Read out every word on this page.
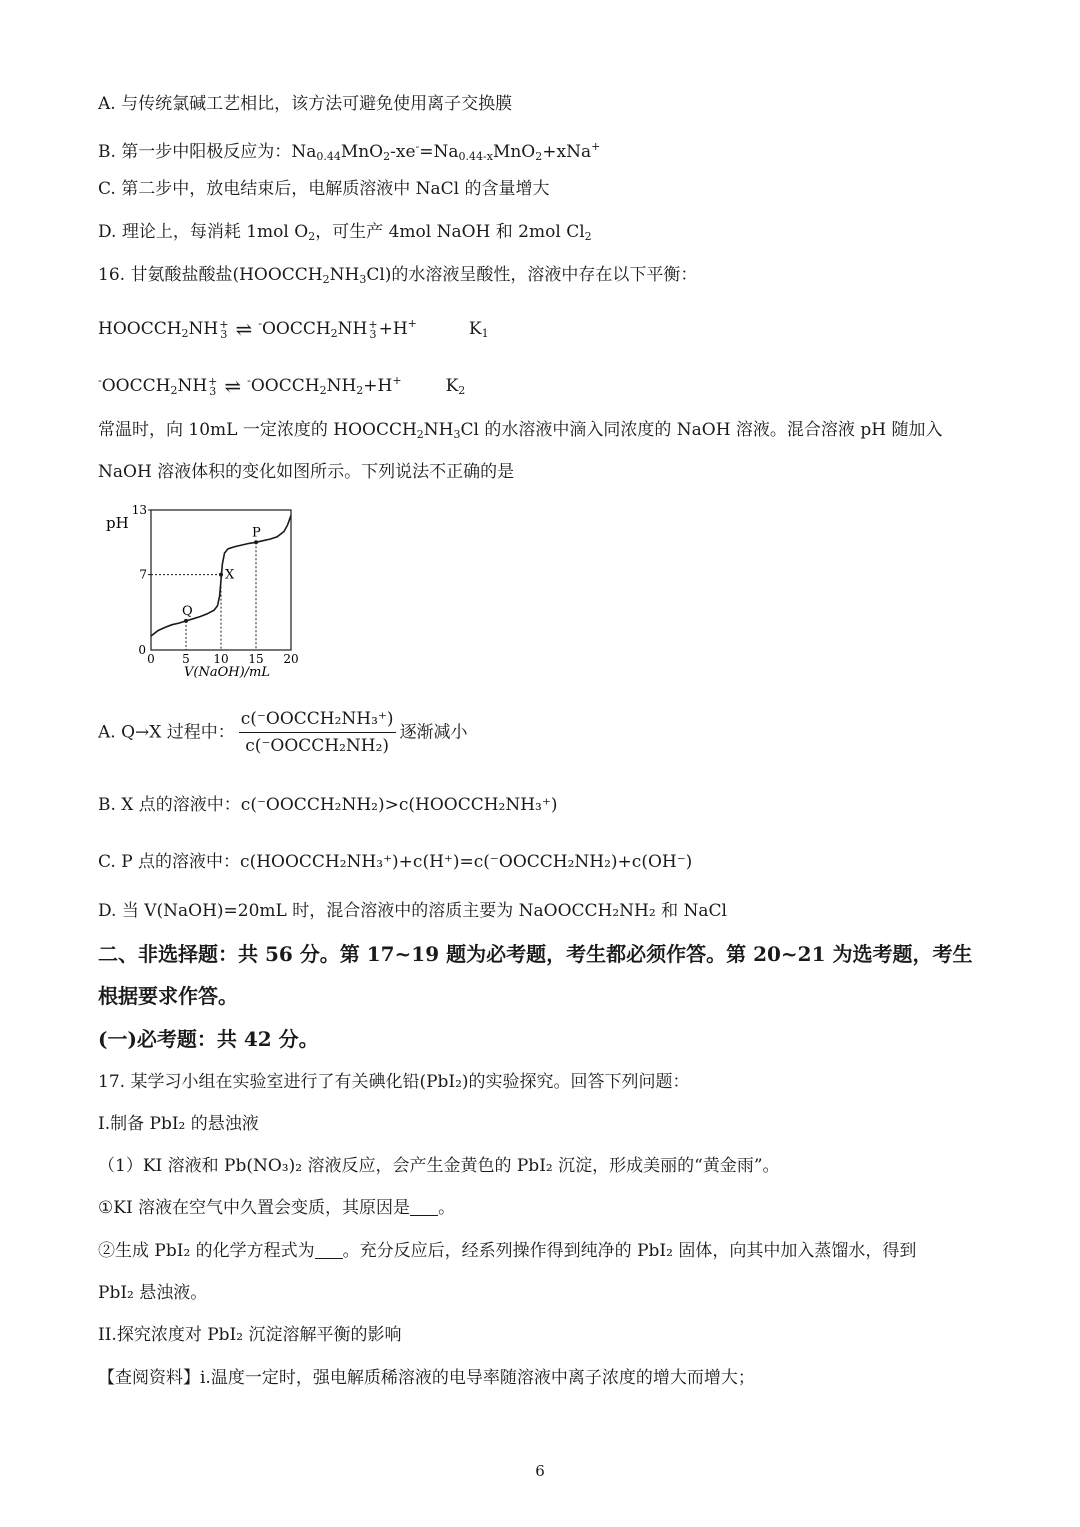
A. 与传统氯碱工艺相比，该方法可避免使用离子交换膜
B. 第一步中阳极反应为：$Na_{0.44}MnO_2-xe^-=Na_{0.44-x}MnO_2+xNa^+$
C. 第二步中，放电结束后，电解质溶液中 NaCl 的含量增大
D. 理论上，每消耗 1mol $O_2$，可生产 4mol NaOH 和 2mol $Cl_2$
16. 甘氨酸盐酸盐$(HOOCCH_2NH_3Cl)$的水溶液呈酸性，溶液中存在以下平衡：
$HOOCCH_2NH$ +
3 ⇌ $^-OOCCH_2NH$ +
3 +H+	$K_1$
$^-OOCCH_2NH$ +
3 ⇌ $^-OOCCH_2NH_2+H^+$	$K_2$
常温时，向 10mL 一定浓度的 $HOOCCH_2NH_3Cl$ 的水溶液中滴入同浓度的 NaOH 溶液。混合溶液 pH 随加入
NaOH 溶液体积的变化如图所示。下列说法不正确的是
pH
Q
X
P
0 5 10 15 20
7
13
0
V(NaOH)/mL
A. Q→X 过程中： $\frac{\text{c(⁻OOCCH₂NH₃⁺)}}{\text{c(⁻OOCCH₂NH₂)}}$ 逐渐减小
B. X 点的溶液中：c(⁻OOCCH₂NH₂)>c(HOOCCH₂NH₃⁺)
C. P 点的溶液中：c(HOOCCH₂NH₃⁺)+c(H⁺)=c(⁻OOCCH₂NH₂)+c(OH⁻)
D. 当 V(NaOH)=20mL 时，混合溶液中的溶质主要为 NaOOCCH₂NH₂ 和 NaCl
二、非选择题：共 56 分。第 17~19 题为必考题，考生都必须作答。第 20~21 为选考题，考生
根据要求作答。
(一)必考题：共 42 分。
17. 某学习小组在实验室进行了有关碘化铅(PbI₂)的实验探究。回答下列问题：
I.制备 PbI₂ 的悬浊液
（1）KI 溶液和 Pb(NO₃)₂ 溶液反应，会产生金黄色的 PbI₂ 沉淀，形成美丽的“黄金雨”。
①KI 溶液在空气中久置会变质，其原因是 。
②生成 PbI₂ 的化学方程式为 。充分反应后，经系列操作得到纯净的 PbI₂ 固体，向其中加入蒸馏水，得到
PbI₂ 悬浊液。
II.探究浓度对 PbI₂ 沉淀溶解平衡的影响
【查阅资料】i.温度一定时，强电解质稀溶液的电导率随溶液中离子浓度的增大而增大；
6
